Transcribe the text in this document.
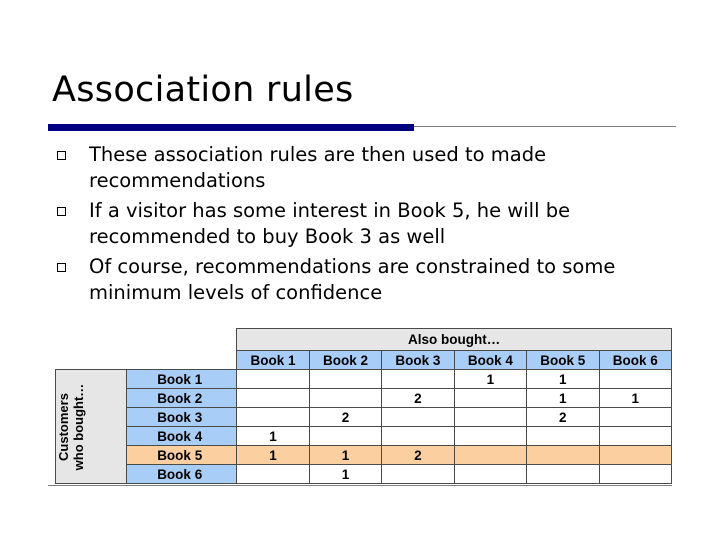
Association rules
These association rules are then used to made recommendations
If a visitor has some interest in Book 5, he will be recommended to buy Book 3 as well
Of course, recommendations are constrained to some minimum levels of confidence
			Also bought…					
			Book 1	Book 2	Book 3	Book 4	Book 5	Book 6
	Customers
who bought…	Book 1				1	1	
		Book 2			2		1	1
		Book 3		2			2	
		Book 4	1					
		Book 5	1	1	2			
		Book 6		1				
